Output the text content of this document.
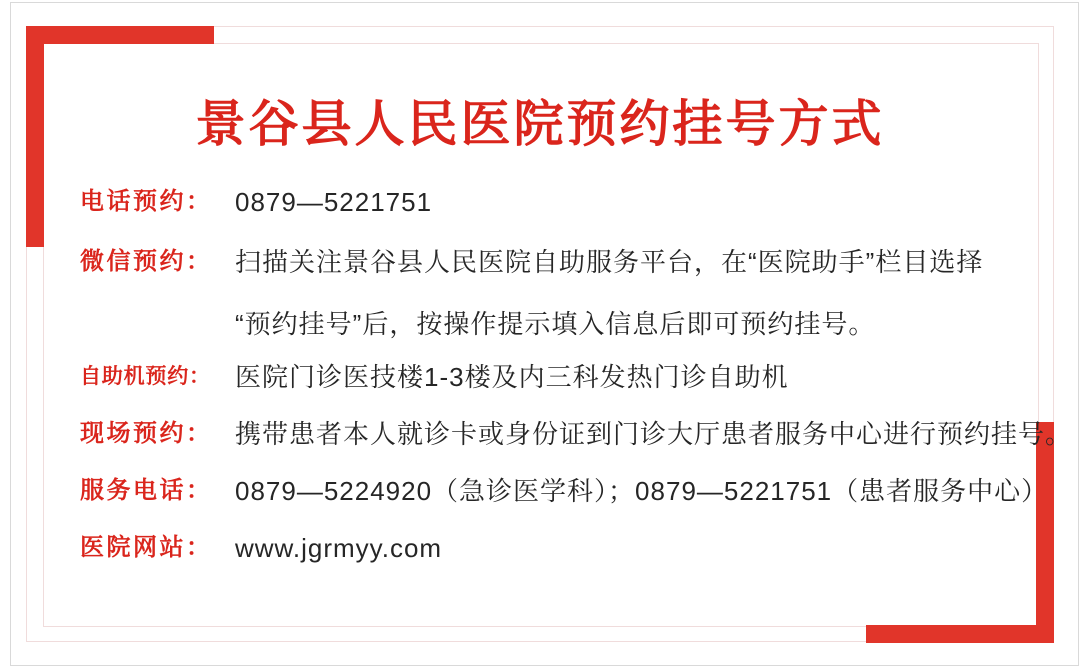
景谷县人民医院预约挂号方式
电话预约： 0879—5221751
微信预约： 扫描关注景谷县人民医院自助服务平台，在“医院助手”栏目选择
“预约挂号”后，按操作提示填入信息后即可预约挂号。
自助机预约： 医院门诊医技楼1-3楼及内三科发热门诊自助机
现场预约： 携带患者本人就诊卡或身份证到门诊大厅患者服务中心进行预约挂号。
服务电话： 0879—5224920（急诊医学科）；0879—5221751（患者服务中心）
医院网站： www.jgrmyy.com
